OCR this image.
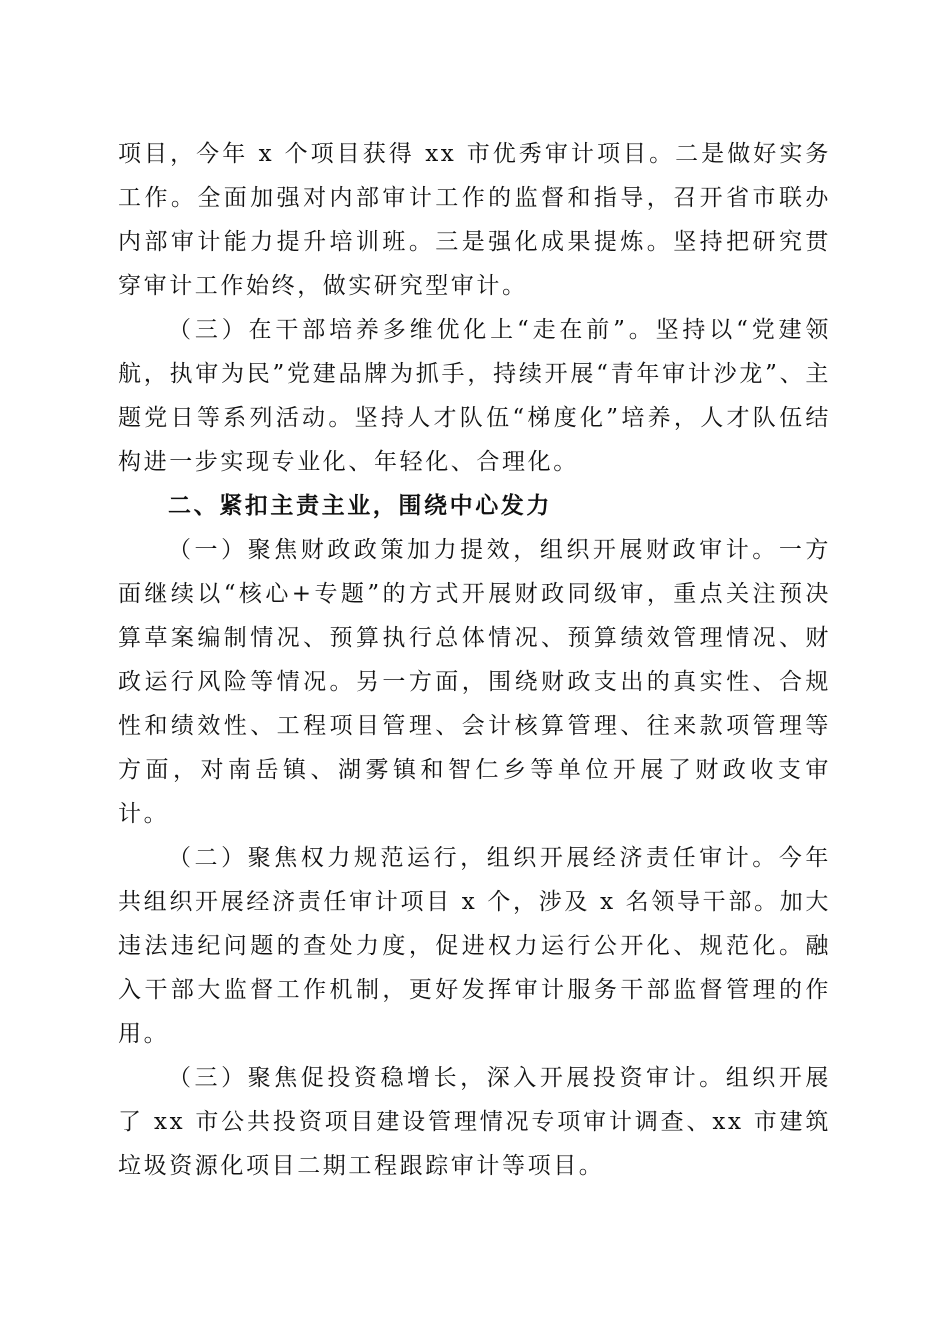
项目，今年 x 个项目获得 xx 市优秀审计项目。二是做好实务工作。全面加强对内部审计工作的监督和指导，召开省市联办内部审计能力提升培训班。三是强化成果提炼。坚持把研究贯穿审计工作始终，做实研究型审计。

（三）在干部培养多维优化上“走在前”。坚持以“党建领航，执审为民”党建品牌为抓手，持续开展“青年审计沙龙”、主题党日等系列活动。坚持人才队伍“梯度化”培养，人才队伍结构进一步实现专业化、年轻化、合理化。

二、紧扣主责主业，围绕中心发力

（一）聚焦财政政策加力提效，组织开展财政审计。一方面继续以“核心+专题”的方式开展财政同级审，重点关注预决算草案编制情况、预算执行总体情况、预算绩效管理情况、财政运行风险等情况。另一方面，围绕财政支出的真实性、合规性和绩效性、工程项目管理、会计核算管理、往来款项管理等方面，对南岳镇、湖雾镇和智仁乡等单位开展了财政收支审计。

（二）聚焦权力规范运行，组织开展经济责任审计。今年共组织开展经济责任审计项目 x 个，涉及 x 名领导干部。加大违法违纪问题的查处力度，促进权力运行公开化、规范化。融入干部大监督工作机制，更好发挥审计服务干部监督管理的作用。

（三）聚焦促投资稳增长，深入开展投资审计。组织开展了 xx 市公共投资项目建设管理情况专项审计调查、xx 市建筑垃圾资源化项目二期工程跟踪审计等项目。
